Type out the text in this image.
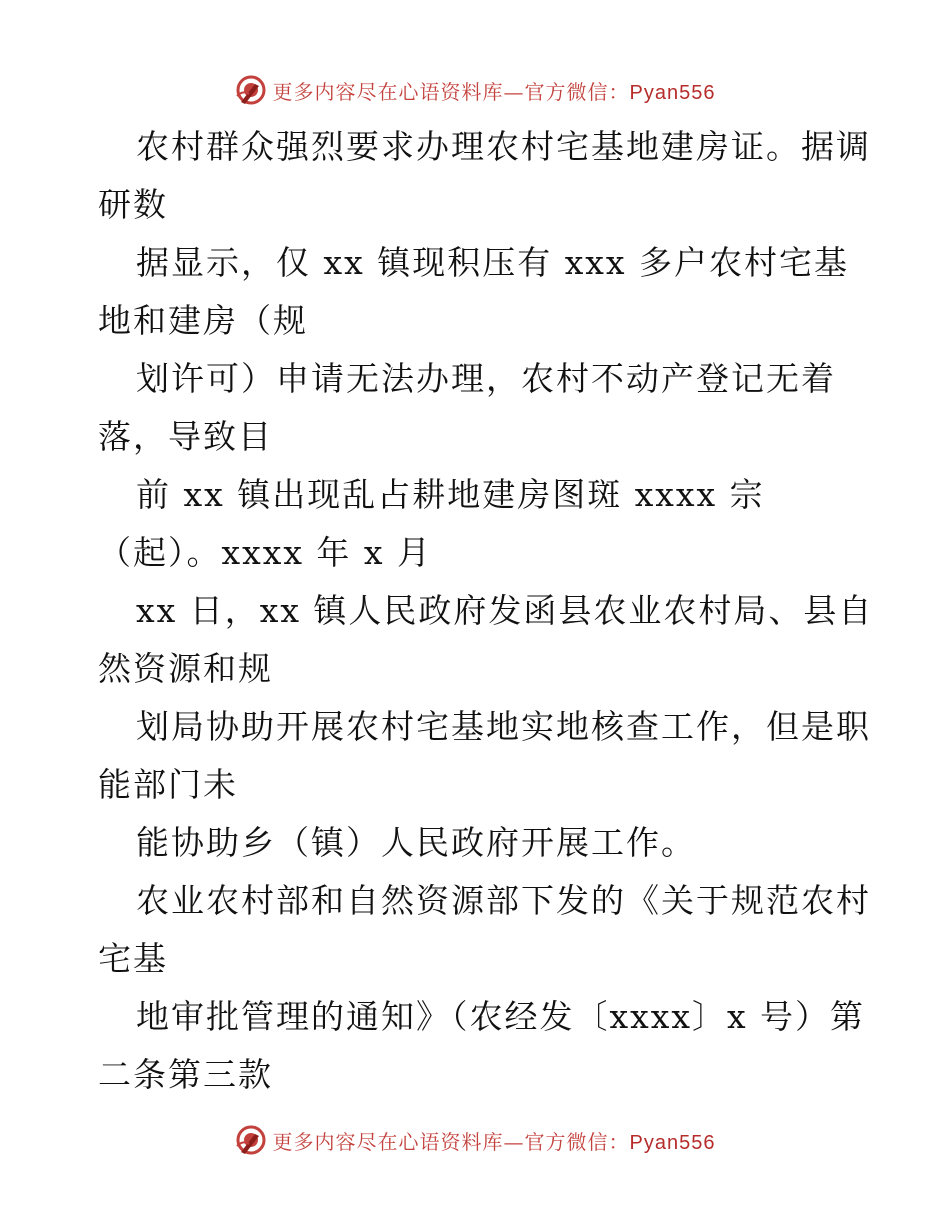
更多内容尽在心语资料库—官方微信：Pyan556
农村群众强烈要求办理农村宅基地建房证。据调
研数
据显示，仅 xx 镇现积压有 xxx 多户农村宅基
地和建房（规
划许可）申请无法办理，农村不动产登记无着
落，导致目
前 xx 镇出现乱占耕地建房图斑 xxxx 宗
（起）。xxxx 年 x 月
xx 日，xx 镇人民政府发函县农业农村局、县自
然资源和规
划局协助开展农村宅基地实地核查工作，但是职
能部门未
能协助乡（镇）人民政府开展工作。
农业农村部和自然资源部下发的《关于规范农村
宅基
地审批管理的通知》（农经发〔xxxx〕x 号）第
二条第三款
更多内容尽在心语资料库—官方微信：Pyan556
